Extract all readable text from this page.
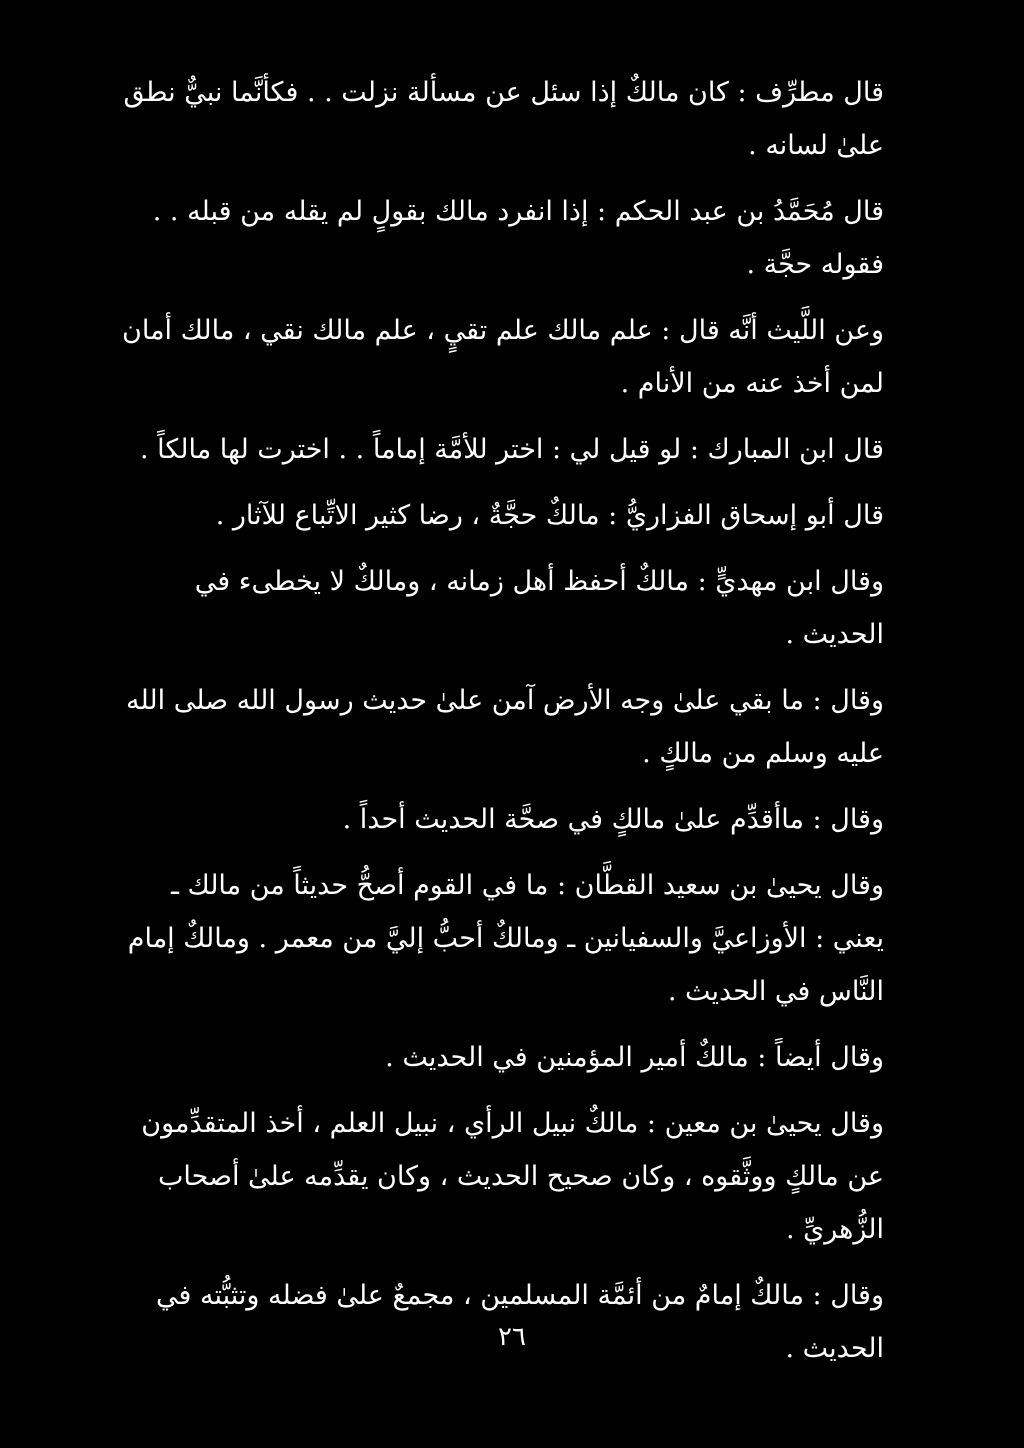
قال مطرِّف : كان مالكٌ إذا سئل عن مسألة نزلت . . فكأنَّما نبيٌّ نطق
علىٰ لسانه .

قال مُحَمَّدُ بن عبد الحكم : إذا انفرد مالك بقولٍ لم يقله من قبله . .
فقوله حجَّة .

وعن اللَّيث أنَّه قال : علم مالك علم تقيٍ ، علم مالك نقي ، مالك أمان
لمن أخذ عنه من الأنام .

قال ابن المبارك : لو قيل لي : اختر للأمَّة إماماً . . اخترت لها مالكاً .

قال أبو إسحاق الفزاريُّ : مالكٌ حجَّةٌ ، رضا كثير الاتِّباع للآثار .

وقال ابن مهديٍّ : مالكٌ أحفظ أهل زمانه ، ومالكٌ لا يخطىء في
الحديث .

وقال : ما بقي علىٰ وجه الأرض آمن علىٰ حديث رسول الله صلى الله
عليه وسلم من مالكٍ .

وقال : ماأقدِّم علىٰ مالكٍ في صحَّة الحديث أحداً .

وقال يحيىٰ بن سعيد القطَّان : ما في القوم أصحُّ حديثاً من مالك ـ
يعني : الأوزاعيَّ والسفيانين ـ ومالكٌ أحبُّ إليَّ من معمر . ومالكٌ إمام
النَّاس في الحديث .

وقال أيضاً : مالكٌ أمير المؤمنين في الحديث .

وقال يحيىٰ بن معين : مالكٌ نبيل الرأي ، نبيل العلم ، أخذ المتقدِّمون
عن مالكٍ ووثَّقوه ، وكان صحيح الحديث ، وكان يقدِّمه علىٰ أصحاب
الزُّهريِّ .

وقال : مالكٌ إمامٌ من أئمَّة المسلمين ، مجمعٌ علىٰ فضله وتثبُّته في
الحديث .

٢٦
